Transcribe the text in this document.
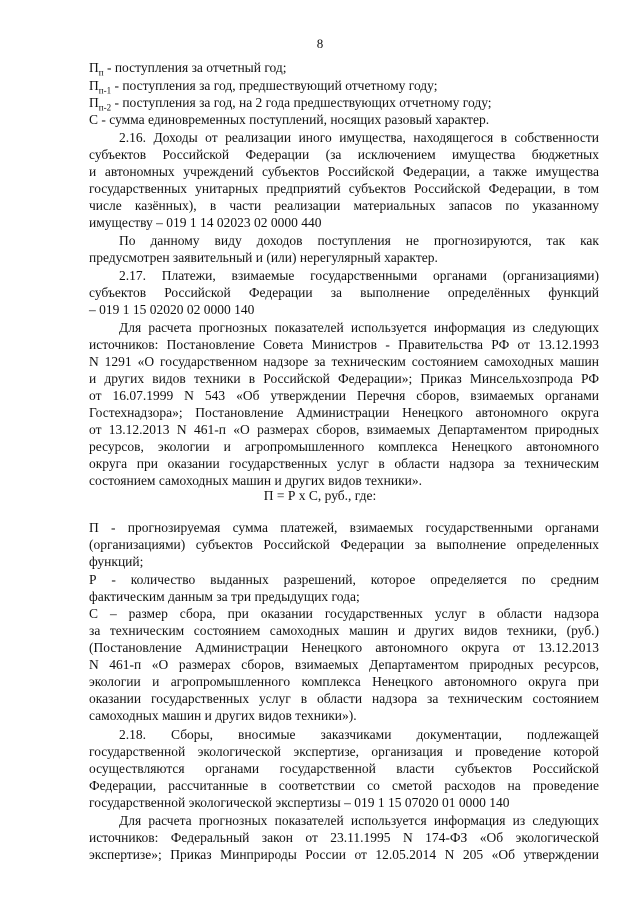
8
$П_п$ - поступления за отчетный год;
$П_{п-1}$ - поступления за год, предшествующий отчетному году;
$П_{п-2}$ - поступления за год, на 2 года предшествующих отчетному году;
С - сумма единовременных поступлений, носящих разовый характер.
2.16. Доходы от реализации иного имущества, находящегося в собственности
субъектов Российской Федерации (за исключением имущества бюджетных
и автономных учреждений субъектов Российской Федерации, а также имущества
государственных унитарных предприятий субъектов Российской Федерации, в том
числе казённых), в части реализации материальных запасов по указанному
имуществу – 019 1 14 02023 02 0000 440
По данному виду доходов поступления не прогнозируются, так как
предусмотрен заявительный и (или) нерегулярный характер.
2.17. Платежи, взимаемые государственными органами (организациями)
субъектов Российской Федерации за выполнение определённых функций
– 019 1 15 02020 02 0000 140
Для расчета прогнозных показателей используется информация из следующих
источников: Постановление Совета Министров - Правительства РФ от 13.12.1993
N 1291 «О государственном надзоре за техническим состоянием самоходных машин
и других видов техники в Российской Федерации»; Приказ Минсельхозпрода РФ
от 16.07.1999 N 543 «Об утверждении Перечня сборов, взимаемых органами
Гостехнадзора»; Постановление Администрации Ненецкого автономного округа
от 13.12.2013 N 461-п «О размерах сборов, взимаемых Департаментом природных
ресурсов, экологии и агропромышленного комплекса Ненецкого автономного
округа при оказании государственных услуг в области надзора за техническим
состоянием самоходных машин и других видов техники».
П = Р х С, руб., где:
П - прогнозируемая сумма платежей, взимаемых государственными органами
(организациями) субъектов Российской Федерации за выполнение определенных
функций;
Р - количество выданных разрешений, которое определяется по средним
фактическим данным за три предыдущих года;
С – размер сбора, при оказании государственных услуг в области надзора
за техническим состоянием самоходных машин и других видов техники, (руб.)
(Постановление Администрации Ненецкого автономного округа от 13.12.2013
N 461-п «О размерах сборов, взимаемых Департаментом природных ресурсов,
экологии и агропромышленного комплекса Ненецкого автономного округа при
оказании государственных услуг в области надзора за техническим состоянием
самоходных машин и других видов техники»).
2.18. Сборы, вносимые заказчиками документации, подлежащей
государственной экологической экспертизе, организация и проведение которой
осуществляются органами государственной власти субъектов Российской
Федерации, рассчитанные в соответствии со сметой расходов на проведение
государственной экологической экспертизы – 019 1 15 07020 01 0000 140
Для расчета прогнозных показателей используется информация из следующих
источников: Федеральный закон от 23.11.1995 N 174-ФЗ «Об экологической
экспертизе»; Приказ Минприроды России от 12.05.2014 N 205 «Об утверждении
